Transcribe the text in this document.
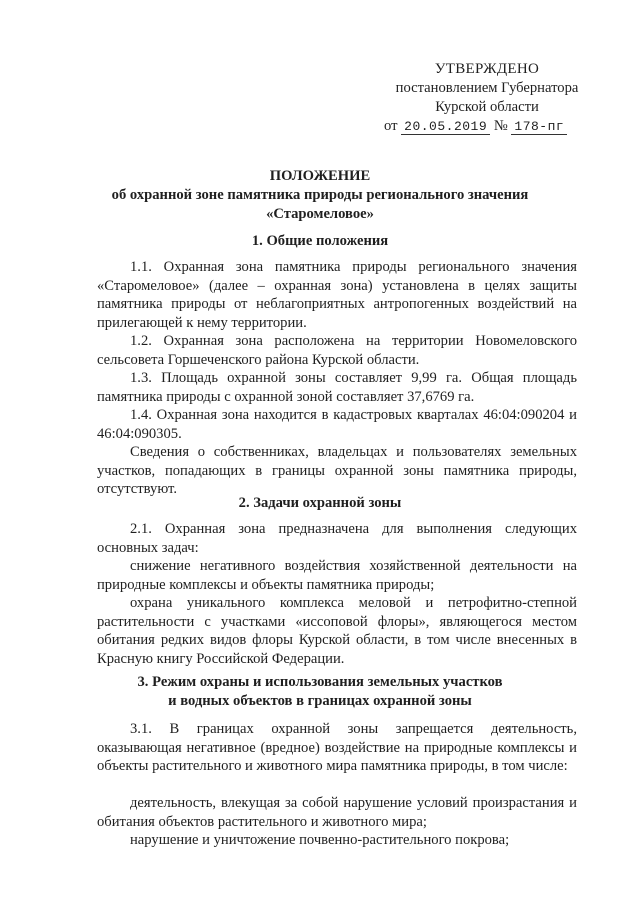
УТВЕРЖДЕНО
постановлением Губернатора
Курской области
от 20.05.2019 № 178-пг
ПОЛОЖЕНИЕ
об охранной зоне памятника природы регионального значения
«Старомеловое»
1. Общие положения

1.1. Охранная зона памятника природы регионального значения «Старомеловое» (далее – охранная зона) установлена в целях защиты памятника природы от неблагоприятных антропогенных воздействий на прилегающей к нему территории.

1.2. Охранная зона расположена на территории Новомеловского сельсовета Горшеченского района Курской области.

1.3. Площадь охранной зоны составляет 9,99 га. Общая площадь памятника природы с охранной зоной составляет 37,6769 га.

1.4. Охранная зона находится в кадастровых кварталах 46:04:090204 и 46:04:090305.

Сведения о собственниках, владельцах и пользователях земельных участков, попадающих в границы охранной зоны памятника природы, отсутствуют.

2. Задачи охранной зоны

2.1. Охранная зона предназначена для выполнения следующих основных задач:

снижение негативного воздействия хозяйственной деятельности на природные комплексы и объекты памятника природы;

охрана уникального комплекса меловой и петрофитно-степной растительности с участками «иссоповой флоры», являющегося местом обитания редких видов флоры Курской области, в том числе внесенных в Красную книгу Российской Федерации.

3. Режим охраны и использования земельных участков
и водных объектов в границах охранной зоны

3.1. В границах охранной зоны запрещается деятельность, оказывающая негативное (вредное) воздействие на природные комплексы и объекты растительного и животного мира памятника природы, в том числе:

деятельность, влекущая за собой нарушение условий произрастания и обитания объектов растительного и животного мира;

нарушение и уничтожение почвенно-растительного покрова;
